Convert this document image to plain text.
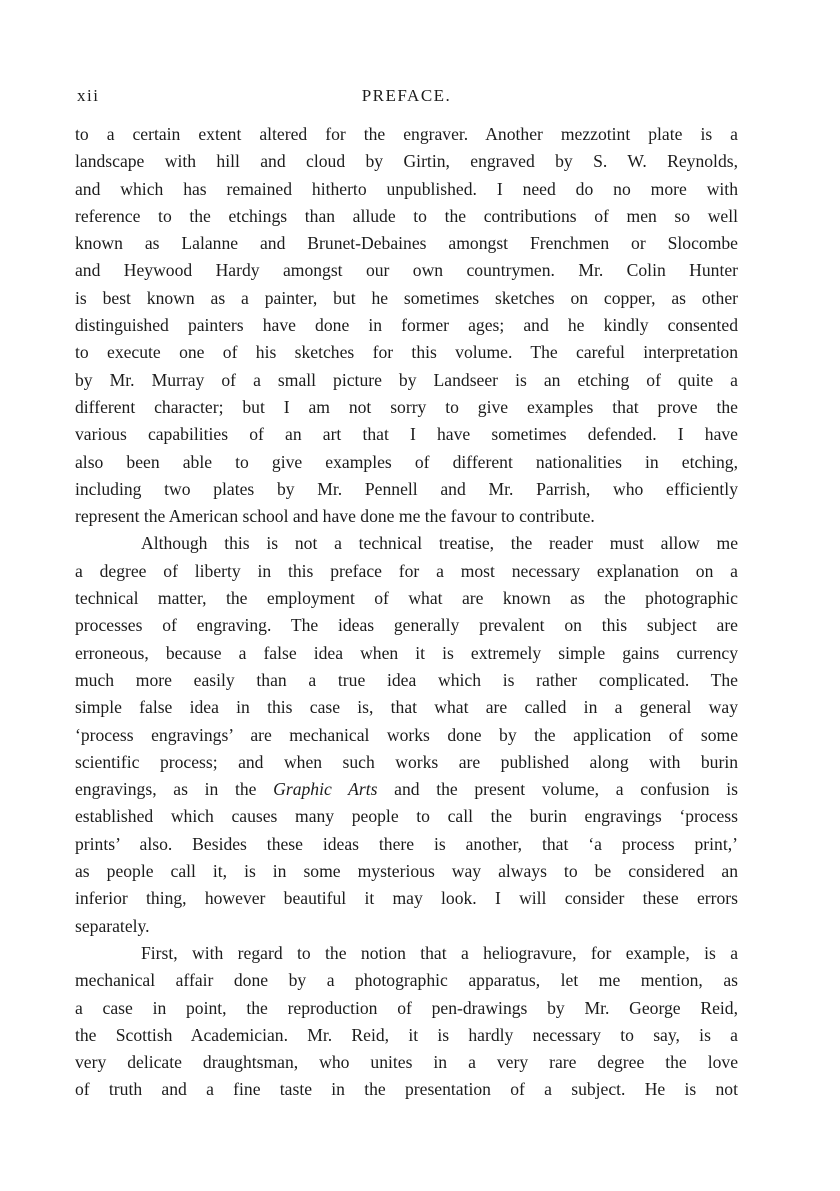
xii	PREFACE.

to a certain extent altered for the engraver. Another mezzotint plate is a
landscape with hill and cloud by Girtin, engraved by S. W. Reynolds,
and which has remained hitherto unpublished. I need do no more with
reference to the etchings than allude to the contributions of men so well
known as Lalanne and Brunet-Debaines amongst Frenchmen or Slocombe
and Heywood Hardy amongst our own countrymen. Mr. Colin Hunter
is best known as a painter, but he sometimes sketches on copper, as other
distinguished painters have done in former ages; and he kindly consented
to execute one of his sketches for this volume. The careful interpretation
by Mr. Murray of a small picture by Landseer is an etching of quite a
different character; but I am not sorry to give examples that prove the
various capabilities of an art that I have sometimes defended. I have
also been able to give examples of different nationalities in etching,
including two plates by Mr. Pennell and Mr. Parrish, who efficiently
represent the American school and have done me the favour to contribute.

Although this is not a technical treatise, the reader must allow me
a degree of liberty in this preface for a most necessary explanation on a
technical matter, the employment of what are known as the photographic
processes of engraving. The ideas generally prevalent on this subject are
erroneous, because a false idea when it is extremely simple gains currency
much more easily than a true idea which is rather complicated. The
simple false idea in this case is, that what are called in a general way
‘process engravings’ are mechanical works done by the application of some
scientific process; and when such works are published along with burin
engravings, as in the Graphic Arts and the present volume, a confusion is
established which causes many people to call the burin engravings ‘process
prints’ also. Besides these ideas there is another, that ‘a process print,’
as people call it, is in some mysterious way always to be considered an
inferior thing, however beautiful it may look. I will consider these errors
separately.

First, with regard to the notion that a heliogravure, for example, is a
mechanical affair done by a photographic apparatus, let me mention, as
a case in point, the reproduction of pen-drawings by Mr. George Reid,
the Scottish Academician. Mr. Reid, it is hardly necessary to say, is a
very delicate draughtsman, who unites in a very rare degree the love
of truth and a fine taste in the presentation of a subject. He is not
